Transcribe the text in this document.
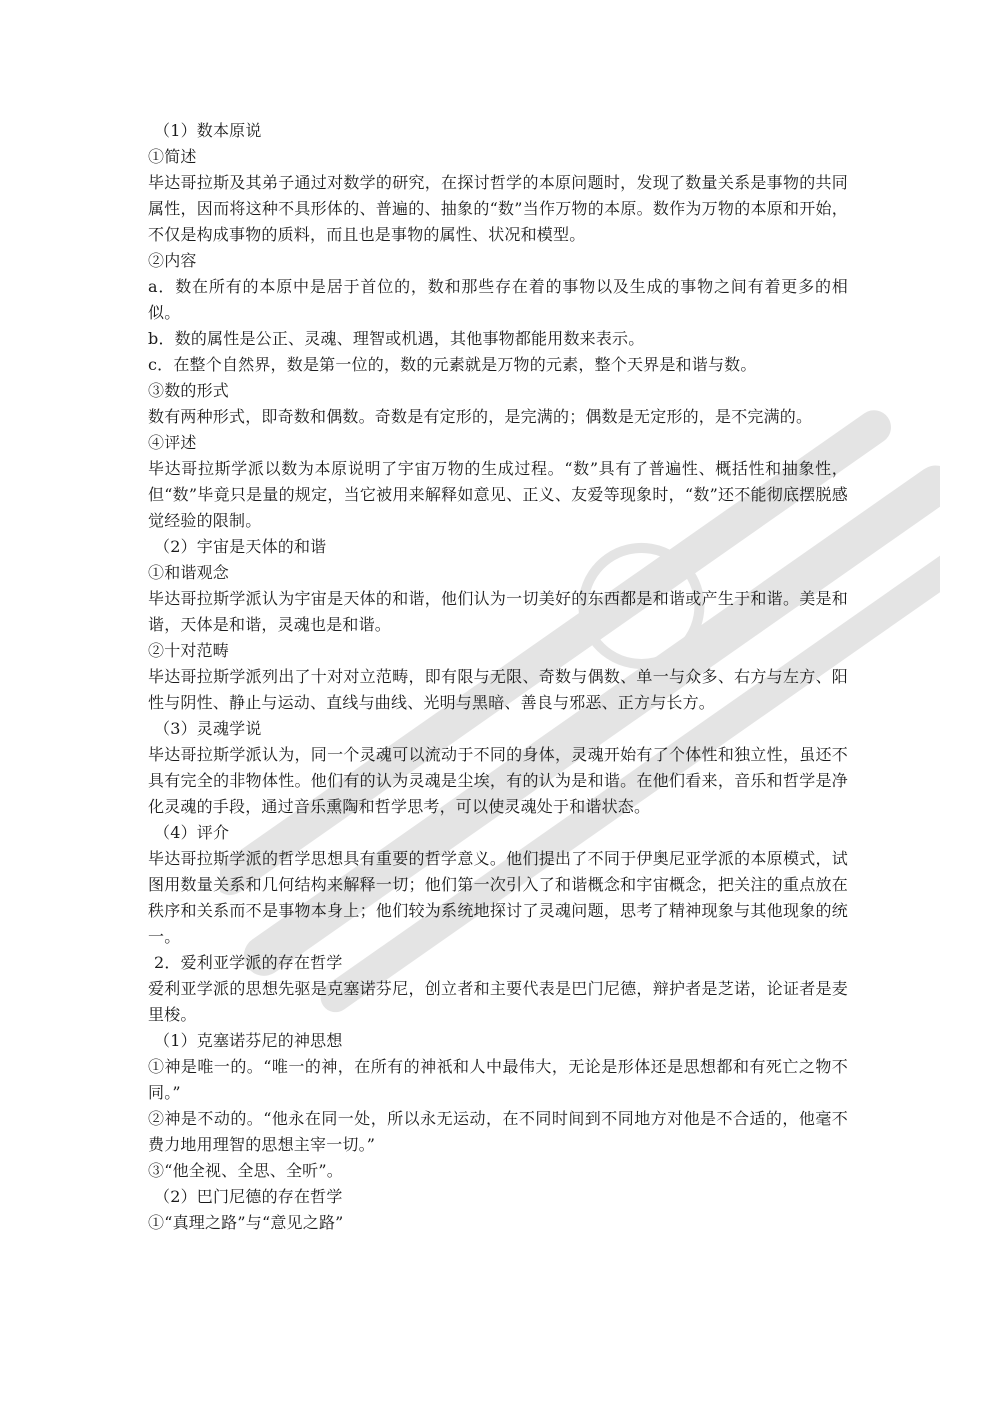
（1）数本原说

①简述

毕达哥拉斯及其弟子通过对数学的研究，在探讨哲学的本原问题时，发现了数量关系是事物的共同属性，因而将这种不具形体的、普遍的、抽象的“数”当作万物的本原。数作为万物的本原和开始，不仅是构成事物的质料，而且也是事物的属性、状况和模型。

②内容

a．数在所有的本原中是居于首位的，数和那些存在着的事物以及生成的事物之间有着更多的相似。

b．数的属性是公正、灵魂、理智或机遇，其他事物都能用数来表示。

c．在整个自然界，数是第一位的，数的元素就是万物的元素，整个天界是和谐与数。

③数的形式

数有两种形式，即奇数和偶数。奇数是有定形的，是完满的；偶数是无定形的，是不完满的。

④评述

毕达哥拉斯学派以数为本原说明了宇宙万物的生成过程。“数”具有了普遍性、概括性和抽象性，但“数”毕竟只是量的规定，当它被用来解释如意见、正义、友爱等现象时，“数”还不能彻底摆脱感觉经验的限制。

（2）宇宙是天体的和谐

①和谐观念

毕达哥拉斯学派认为宇宙是天体的和谐，他们认为一切美好的东西都是和谐或产生于和谐。美是和谐，天体是和谐，灵魂也是和谐。

②十对范畴

毕达哥拉斯学派列出了十对对立范畴，即有限与无限、奇数与偶数、单一与众多、右方与左方、阳性与阴性、静止与运动、直线与曲线、光明与黑暗、善良与邪恶、正方与长方。

（3）灵魂学说

毕达哥拉斯学派认为，同一个灵魂可以流动于不同的身体，灵魂开始有了个体性和独立性，虽还不具有完全的非物体性。他们有的认为灵魂是尘埃，有的认为是和谐。在他们看来，音乐和哲学是净化灵魂的手段，通过音乐熏陶和哲学思考，可以使灵魂处于和谐状态。

（4）评介

毕达哥拉斯学派的哲学思想具有重要的哲学意义。他们提出了不同于伊奥尼亚学派的本原模式，试图用数量关系和几何结构来解释一切；他们第一次引入了和谐概念和宇宙概念，把关注的重点放在秩序和关系而不是事物本身上；他们较为系统地探讨了灵魂问题，思考了精神现象与其他现象的统一。

2．爱利亚学派的存在哲学

爱利亚学派的思想先驱是克塞诺芬尼，创立者和主要代表是巴门尼德，辩护者是芝诺，论证者是麦里梭。

（1）克塞诺芬尼的神思想

①神是唯一的。“唯一的神，在所有的神祇和人中最伟大，无论是形体还是思想都和有死亡之物不同。”

②神是不动的。“他永在同一处，所以永无运动，在不同时间到不同地方对他是不合适的，他毫不费力地用理智的思想主宰一切。”

③“他全视、全思、全听”。

（2）巴门尼德的存在哲学

①“真理之路”与“意见之路”
